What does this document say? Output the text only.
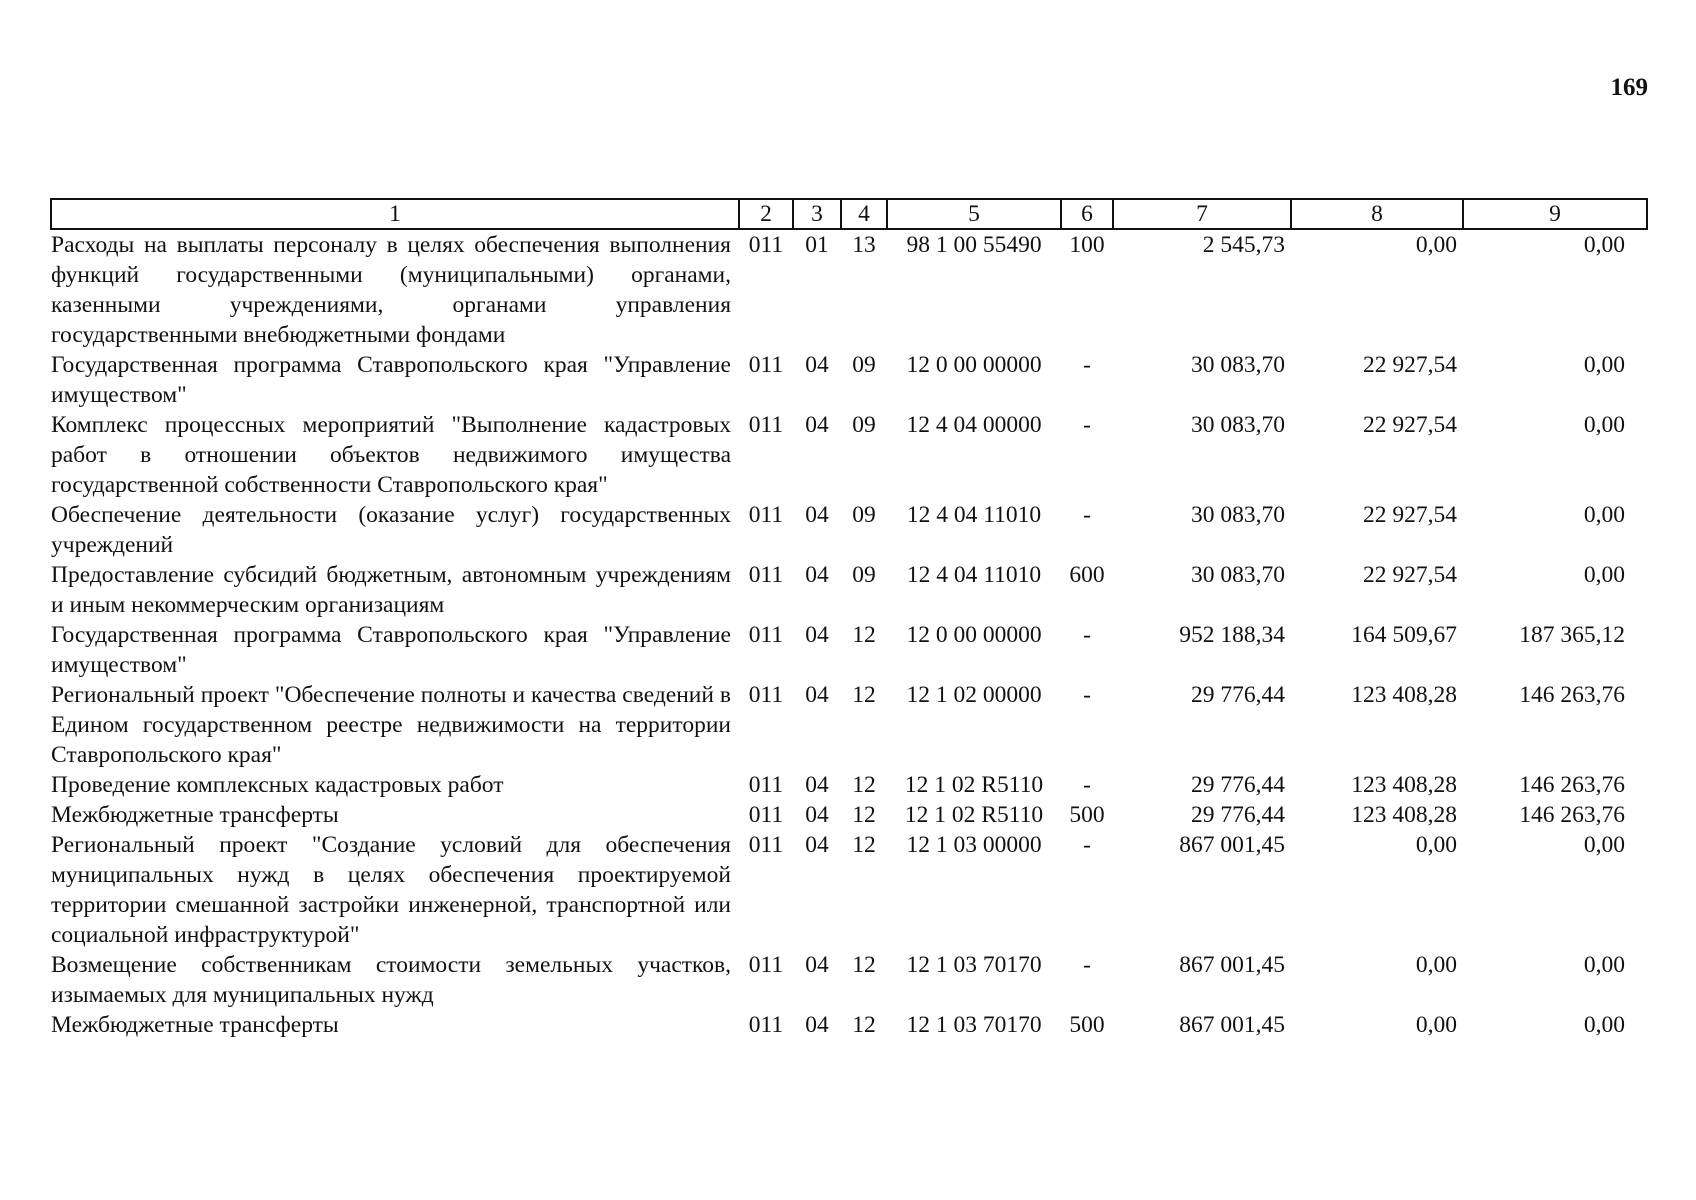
169
1	2	3	4	5	6	7	8	9
Расходы на выплаты персоналу в целях обеспечения выполнения функций государственными (муниципальными) органами, казенными учреждениями, органами управления государственными внебюджетными фондами	011	01	13	98 1 00 55490	100	2 545,73	0,00	0,00
Государственная программа Ставропольского края "Управление имуществом"	011	04	09	12 0 00 00000	-	30 083,70	22 927,54	0,00
Комплекс процессных мероприятий "Выполнение кадастровых работ в отношении объектов недвижимого имущества государственной собственности Ставропольского края"	011	04	09	12 4 04 00000	-	30 083,70	22 927,54	0,00
Обеспечение деятельности (оказание услуг) государственных учреждений	011	04	09	12 4 04 11010	-	30 083,70	22 927,54	0,00
Предоставление субсидий бюджетным, автономным учреждениям и иным некоммерческим организациям	011	04	09	12 4 04 11010	600	30 083,70	22 927,54	0,00
Государственная программа Ставропольского края "Управление имуществом"	011	04	12	12 0 00 00000	-	952 188,34	164 509,67	187 365,12
Региональный проект "Обеспечение полноты и качества сведений в Едином государственном реестре недвижимости на территории Ставропольского края"	011	04	12	12 1 02 00000	-	29 776,44	123 408,28	146 263,76
Проведение комплексных кадастровых работ	011	04	12	12 1 02 R5110	-	29 776,44	123 408,28	146 263,76
Межбюджетные трансферты	011	04	12	12 1 02 R5110	500	29 776,44	123 408,28	146 263,76
Региональный проект "Создание условий для обеспечения муниципальных нужд в целях обеспечения проектируемой территории смешанной застройки инженерной, транспортной или социальной инфраструктурой"	011	04	12	12 1 03 00000	-	867 001,45	0,00	0,00
Возмещение собственникам стоимости земельных участков, изымаемых для муниципальных нужд	011	04	12	12 1 03 70170	-	867 001,45	0,00	0,00
Межбюджетные трансферты	011	04	12	12 1 03 70170	500	867 001,45	0,00	0,00
